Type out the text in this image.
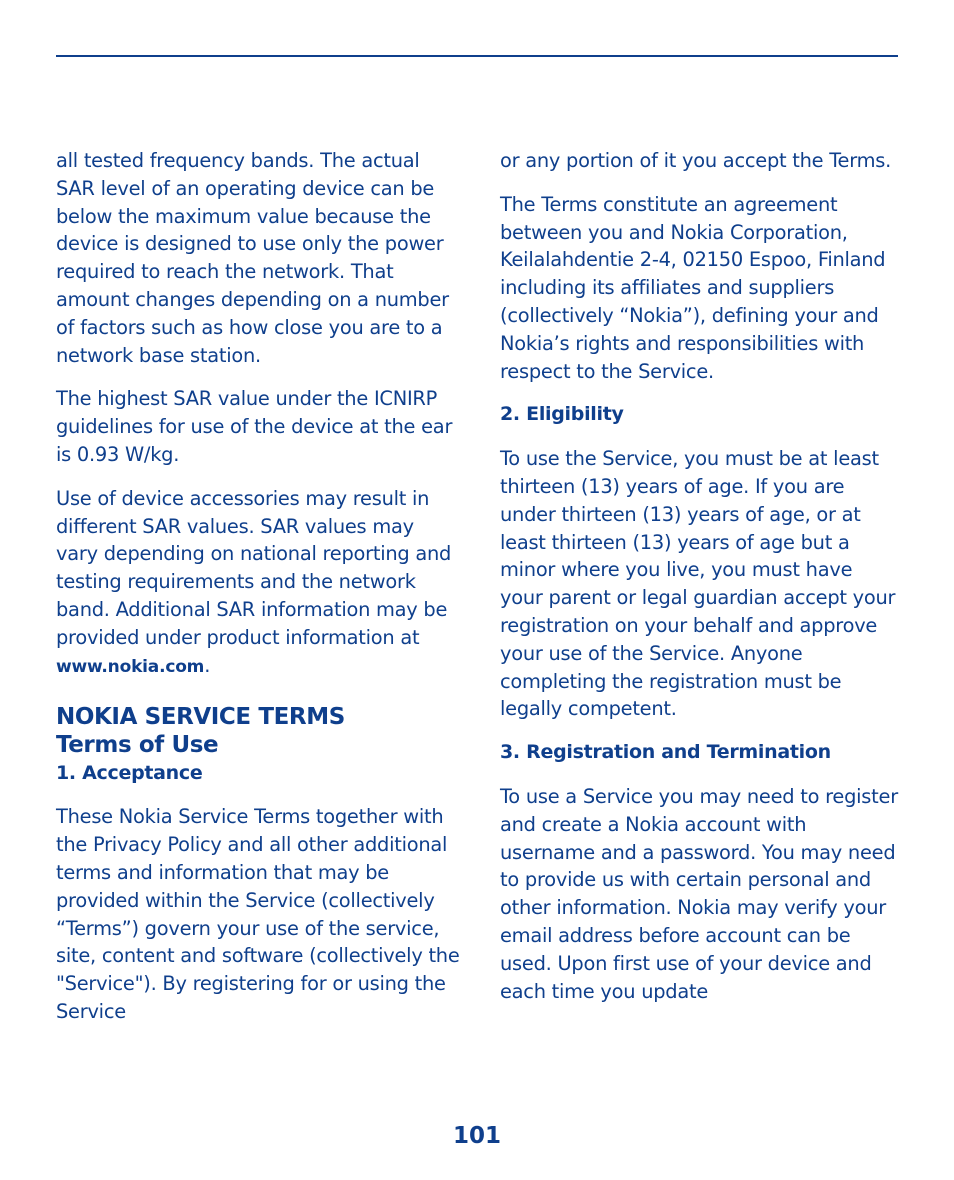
all tested frequency bands. The actual SAR level of an operating device can be below the maximum value because the device is designed to use only the power required to reach the network. That amount changes depending on a number of factors such as how close you are to a network base station.

The highest SAR value under the ICNIRP guidelines for use of the device at the ear is 0.93 W/kg.

Use of device accessories may result in different SAR values. SAR values may vary depending on national reporting and testing requirements and the network band. Additional SAR information may be provided under product information at www.nokia.com.

NOKIA SERVICE TERMS

Terms of Use

1. Acceptance

These Nokia Service Terms together with the Privacy Policy and all other additional terms and information that may be provided within the Service (collectively “Terms”) govern your use of the service, site, content and software (collectively the "Service"). By registering for or using the Service

or any portion of it you accept the Terms.

The Terms constitute an agreement between you and Nokia Corporation, Keilalahdentie 2-4, 02150 Espoo, Finland including its affiliates and suppliers (collectively “Nokia”), defining your and Nokia’s rights and responsibilities with respect to the Service.

2. Eligibility

To use the Service, you must be at least thirteen (13) years of age. If you are under thirteen (13) years of age, or at least thirteen (13) years of age but a minor where you live, you must have your parent or legal guardian accept your registration on your behalf and approve your use of the Service. Anyone completing the registration must be legally competent.

3. Registration and Termination

To use a Service you may need to register and create a Nokia account with username and a password. You may need to provide us with certain personal and other information. Nokia may verify your email address before account can be used. Upon first use of your device and each time you update

101
